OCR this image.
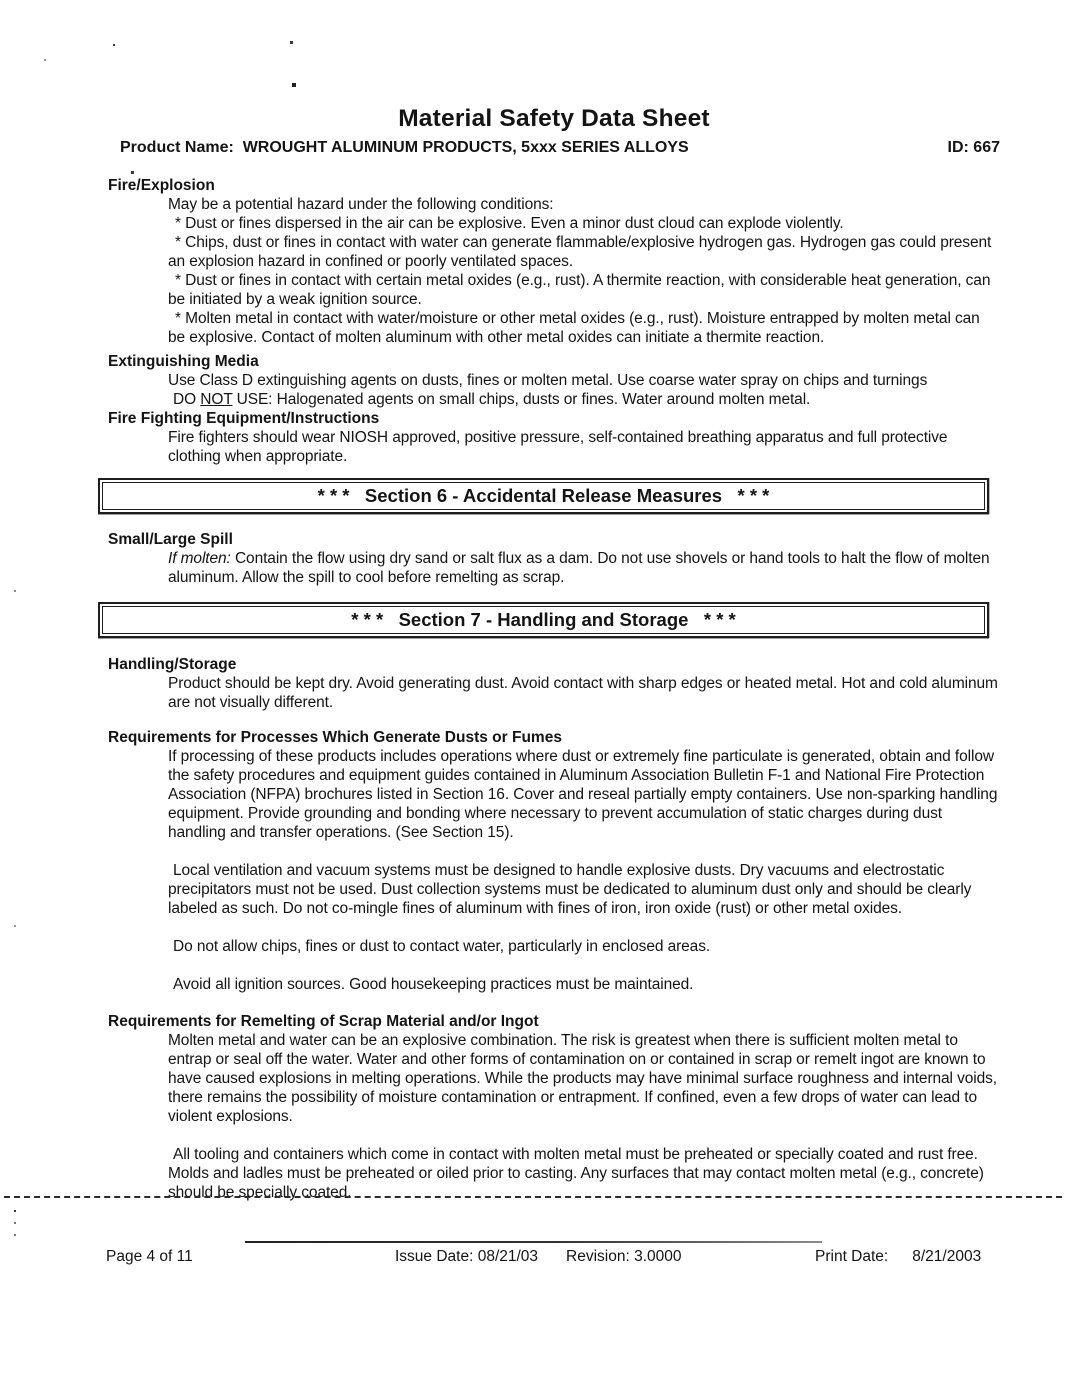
Material Safety Data Sheet
Product Name: WROUGHT ALUMINUM PRODUCTS, 5xxx SERIES ALLOYS	ID: 667
Fire/Explosion

May be a potential hazard under the following conditions:

* Dust or fines dispersed in the air can be explosive. Even a minor dust cloud can explode violently.

* Chips, dust or fines in contact with water can generate flammable/explosive hydrogen gas. Hydrogen gas could present an explosion hazard in confined or poorly ventilated spaces.

* Dust or fines in contact with certain metal oxides (e.g., rust). A thermite reaction, with considerable heat generation, can be initiated by a weak ignition source.

* Molten metal in contact with water/moisture or other metal oxides (e.g., rust). Moisture entrapped by molten metal can be explosive. Contact of molten aluminum with other metal oxides can initiate a thermite reaction.

Extinguishing Media

Use Class D extinguishing agents on dusts, fines or molten metal. Use coarse water spray on chips and turnings

DO NOT USE: Halogenated agents on small chips, dusts or fines. Water around molten metal.

Fire Fighting Equipment/Instructions

Fire fighters should wear NIOSH approved, positive pressure, self-contained breathing apparatus and full protective clothing when appropriate.

* * *   Section 6 - Accidental Release Measures   * * *
Small/Large Spill

If molten: Contain the flow using dry sand or salt flux as a dam. Do not use shovels or hand tools to halt the flow of molten aluminum. Allow the spill to cool before remelting as scrap.

* * *   Section 7 - Handling and Storage   * * *
Handling/Storage

Product should be kept dry. Avoid generating dust. Avoid contact with sharp edges or heated metal. Hot and cold aluminum are not visually different.

Requirements for Processes Which Generate Dusts or Fumes

If processing of these products includes operations where dust or extremely fine particulate is generated, obtain and follow the safety procedures and equipment guides contained in Aluminum Association Bulletin F-1 and National Fire Protection Association (NFPA) brochures listed in Section 16. Cover and reseal partially empty containers. Use non-sparking handling equipment. Provide grounding and bonding where necessary to prevent accumulation of static charges during dust handling and transfer operations. (See Section 15).

Local ventilation and vacuum systems must be designed to handle explosive dusts. Dry vacuums and electrostatic precipitators must not be used. Dust collection systems must be dedicated to aluminum dust only and should be clearly labeled as such. Do not co-mingle fines of aluminum with fines of iron, iron oxide (rust) or other metal oxides.

Do not allow chips, fines or dust to contact water, particularly in enclosed areas.

Avoid all ignition sources. Good housekeeping practices must be maintained.

Requirements for Remelting of Scrap Material and/or Ingot

Molten metal and water can be an explosive combination. The risk is greatest when there is sufficient molten metal to entrap or seal off the water. Water and other forms of contamination on or contained in scrap or remelt ingot are known to have caused explosions in melting operations. While the products may have minimal surface roughness and internal voids, there remains the possibility of moisture contamination or entrapment. If confined, even a few drops of water can lead to violent explosions.

All tooling and containers which come in contact with molten metal must be preheated or specially coated and rust free. Molds and ladles must be preheated or oiled prior to casting. Any surfaces that may contact molten metal (e.g., concrete) should be specially coated.

Page 4 of 11	Issue Date: 08/21/03 Revision: 3.0000	Print Date: 8/21/2003
